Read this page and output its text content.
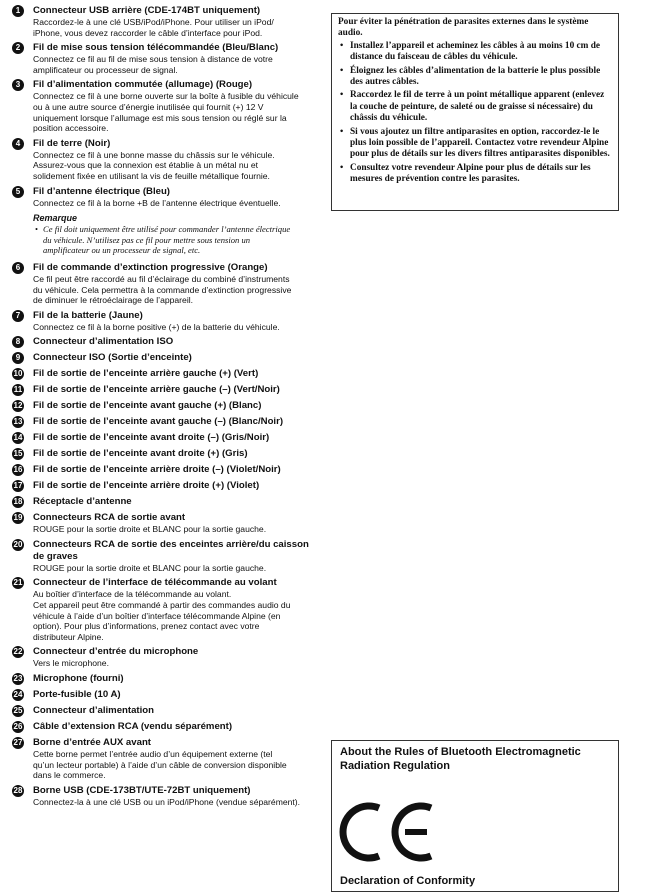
1	Connecteur USB arrière (CDE-174BT uniquement)
Raccordez-le à une clé USB/iPod/iPhone. Pour utiliser un iPod/
iPhone, vous devez raccorder le câble d’interface pour iPod.
2	Fil de mise sous tension télécommandée (Bleu/Blanc)
Connectez ce fil au fil de mise sous tension à distance de votre
amplificateur ou processeur de signal.
3	Fil d’alimentation commutée (allumage) (Rouge)
Connectez ce fil à une borne ouverte sur la boîte à fusible du véhicule
ou à une autre source d’énergie inutilisée qui fournit (+) 12 V
uniquement lorsque l’allumage est mis sous tension ou réglé sur la
position accessoire.
4	Fil de terre (Noir)
Connectez ce fil à une bonne masse du châssis sur le véhicule.
Assurez-vous que la connexion est établie à un métal nu et
solidement fixée en utilisant la vis de feuille métallique fournie.
5	Fil d’antenne électrique (Bleu)
Connectez ce fil à la borne +B de l’antenne électrique éventuelle.
Remarque
• Ce fil doit uniquement être utilisé pour commander l’antenne électrique
du véhicule. N’utilisez pas ce fil pour mettre sous tension un
amplificateur ou un processeur de signal, etc.
6	Fil de commande d’extinction progressive (Orange)
Ce fil peut être raccordé au fil d’éclairage du combiné d’instruments
du véhicule. Cela permettra à la commande d’extinction progressive
de diminuer le rétroéclairage de l’appareil.
7	Fil de la batterie (Jaune)
Connectez ce fil à la borne positive (+) de la batterie du véhicule.
8	Connecteur d’alimentation ISO
9	Connecteur ISO (Sortie d’enceinte)
10 Fil de sortie de l’enceinte arrière gauche (+) (Vert)
11 Fil de sortie de l’enceinte arrière gauche (–) (Vert/Noir)
12 Fil de sortie de l’enceinte avant gauche (+) (Blanc)
13 Fil de sortie de l’enceinte avant gauche (–) (Blanc/Noir)
14 Fil de sortie de l’enceinte avant droite (–) (Gris/Noir)
15 Fil de sortie de l’enceinte avant droite (+) (Gris)
16 Fil de sortie de l’enceinte arrière droite (–) (Violet/Noir)
17 Fil de sortie de l’enceinte arrière droite (+) (Violet)
18 Réceptacle d’antenne
19 Connecteurs RCA de sortie avant
ROUGE pour la sortie droite et BLANC pour la sortie gauche.
20 Connecteurs RCA de sortie des enceintes arrière/du caisson de graves
ROUGE pour la sortie droite et BLANC pour la sortie gauche.
21 Connecteur de l’interface de télécommande au volant
Au boîtier d’interface de la télécommande au volant.
Cet appareil peut être commandé à partir des commandes audio du
véhicule à l’aide d’un boîtier d’interface télécommande Alpine (en
option). Pour plus d’informations, prenez contact avec votre
distributeur Alpine.
22 Connecteur d’entrée du microphone
Vers le microphone.
23 Microphone (fourni)
24 Porte-fusible (10 A)
25 Connecteur d’alimentation
26 Câble d’extension RCA (vendu séparément)
27 Borne d’entrée AUX avant
Cette borne permet l’entrée audio d’un équipement externe (tel
qu’un lecteur portable) à l’aide d’un câble de conversion disponible
dans le commerce.
28 Borne USB (CDE-173BT/UTE-72BT uniquement)
Connectez-la à une clé USB ou un iPod/iPhone (vendue séparément).
Pour éviter la pénétration de parasites externes dans le système audio.
• Installez l’appareil et acheminez les câbles à au moins 10 cm de distance du faisceau de câbles du véhicule.
• Éloignez les câbles d’alimentation de la batterie le plus possible des autres câbles.
• Raccordez le fil de terre à un point métallique apparent (enlevez la couche de peinture, de saleté ou de graisse si nécessaire) du châssis du véhicule.
• Si vous ajoutez un filtre antiparasites en option, raccordez-le le plus loin possible de l’appareil. Contactez votre revendeur Alpine pour plus de détails sur les divers filtres antiparasites disponibles.
• Consultez votre revendeur Alpine pour plus de détails sur les mesures de prévention contre les parasites.
About the Rules of Bluetooth Electromagnetic Radiation Regulation
Declaration of Conformity
